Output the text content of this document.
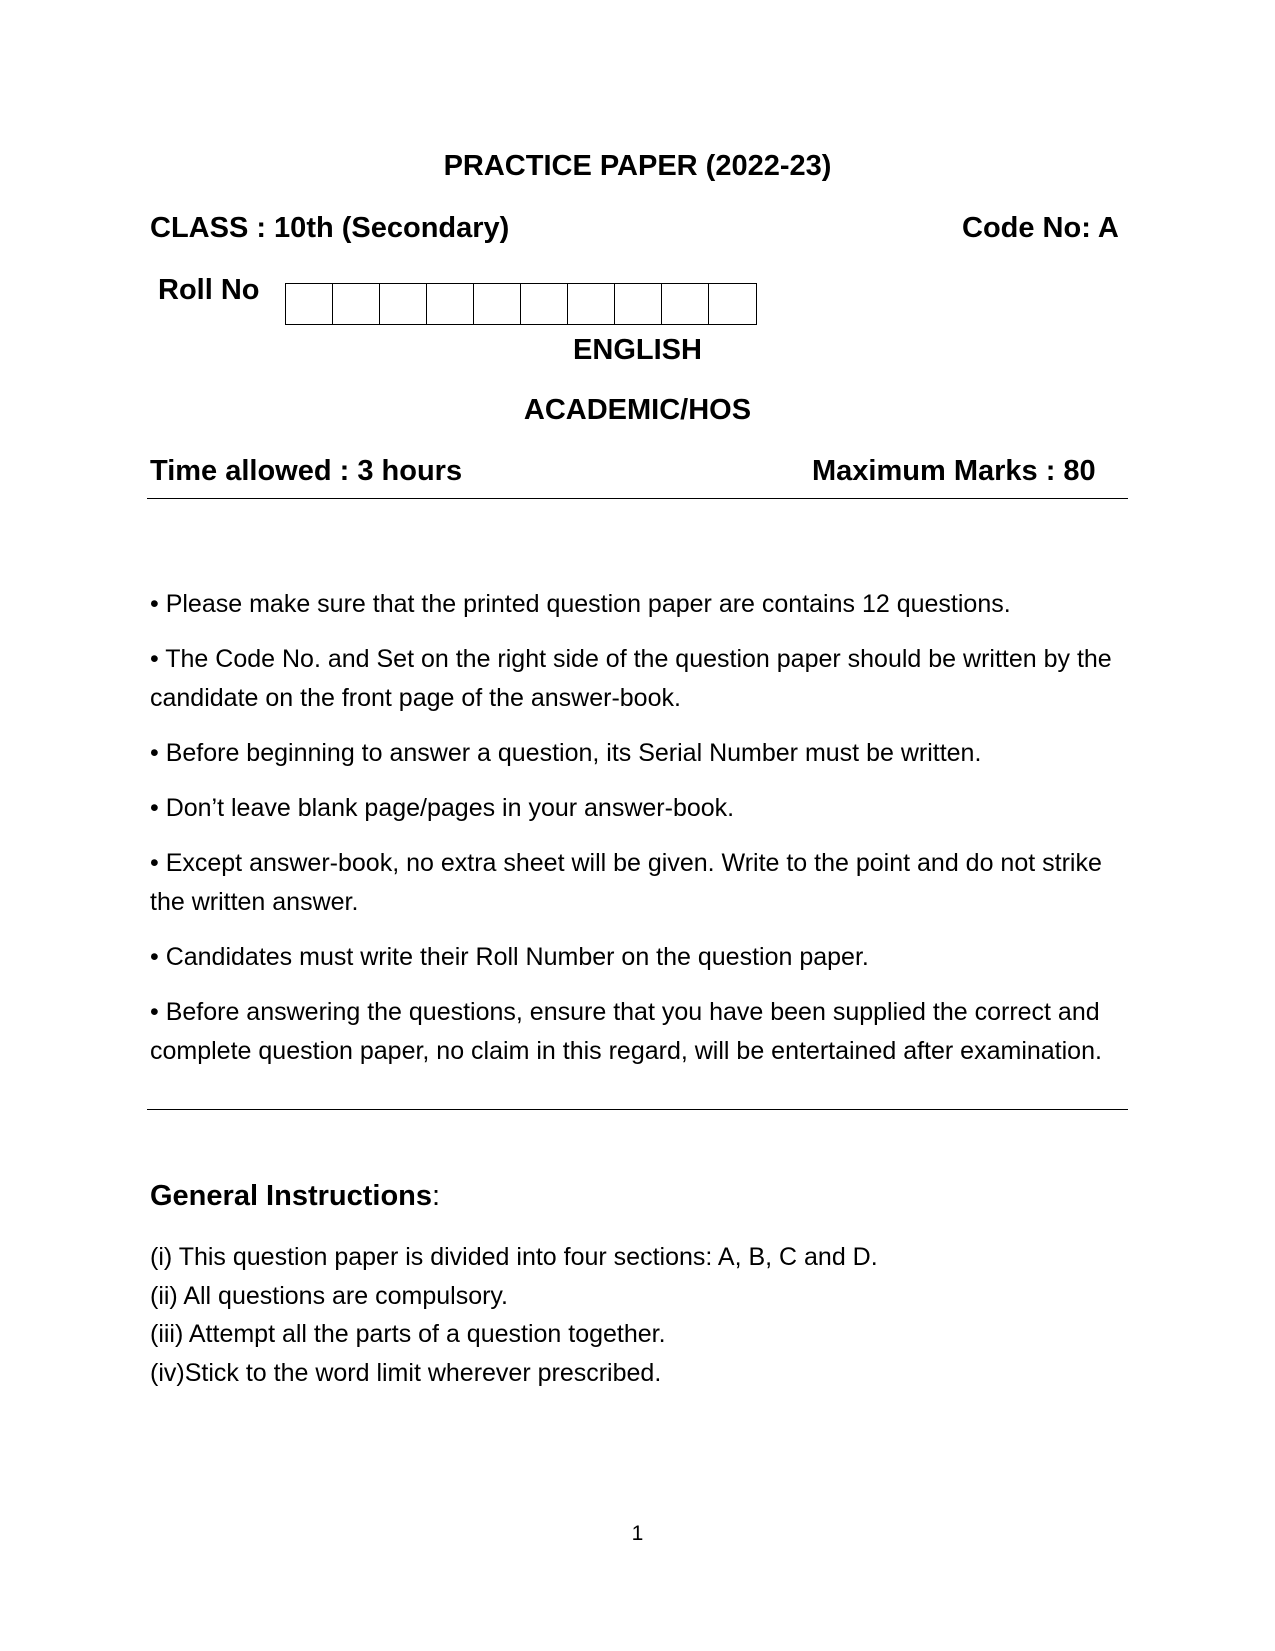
PRACTICE PAPER (2022-23)
CLASS : 10th (Secondary)	Code No: A
Roll No
ENGLISH
ACADEMIC/HOS
Time allowed : 3 hours	Maximum Marks : 80
• Please make sure that the printed question paper are contains 12 questions.
• The Code No. and Set on the right side of the question paper should be written by the candidate on the front page of the answer-book.
• Before beginning to answer a question, its Serial Number must be written.
• Don’t leave blank page/pages in your answer-book.
• Except answer-book, no extra sheet will be given. Write to the point and do not strike the written answer.
• Candidates must write their Roll Number on the question paper.
• Before answering the questions, ensure that you have been supplied the correct and complete question paper, no claim in this regard, will be entertained after examination.
General Instructions:
(i) This question paper is divided into four sections: A, B, C and D.
(ii) All questions are compulsory.
(iii) Attempt all the parts of a question together.
(iv)Stick to the word limit wherever prescribed.
1
